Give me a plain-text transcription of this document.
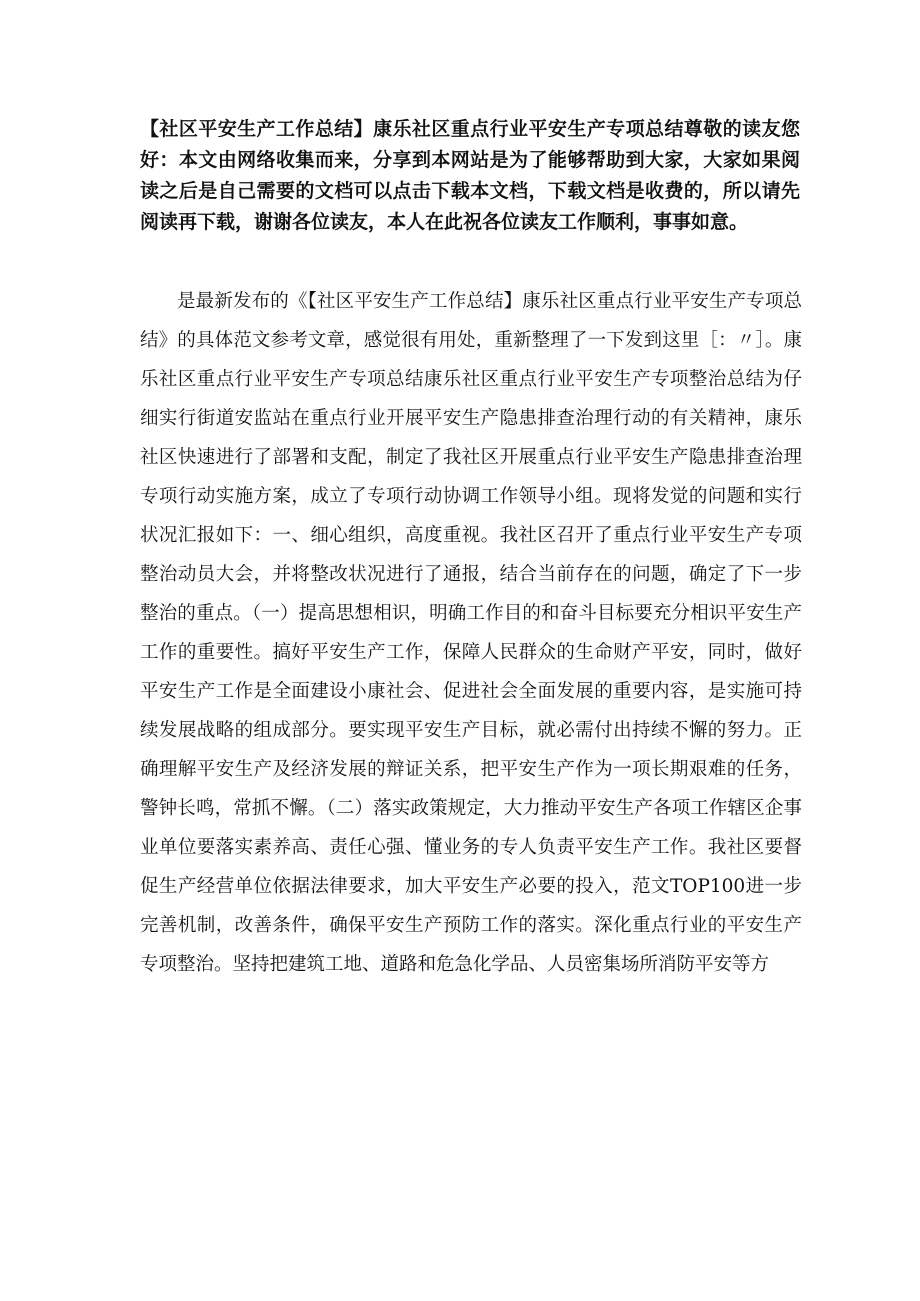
【社区平安生产工作总结】康乐社区重点行业平安生产专项总结尊敬的读友您好：本文由网络收集而来，分享到本网站是为了能够帮助到大家，大家如果阅读之后是自己需要的文档可以点击下载本文档，下载文档是收费的，所以请先阅读再下载，谢谢各位读友，本人在此祝各位读友工作顺利，事事如意。

是最新发布的《【社区平安生产工作总结】康乐社区重点行业平安生产专项总结》的具体范文参考文章，感觉很有用处，重新整理了一下发到这里［：〃］。康乐社区重点行业平安生产专项总结康乐社区重点行业平安生产专项整治总结为仔细实行街道安监站在重点行业开展平安生产隐患排查治理行动的有关精神，康乐社区快速进行了部署和支配，制定了我社区开展重点行业平安生产隐患排查治理专项行动实施方案，成立了专项行动协调工作领导小组。现将发觉的问题和实行状况汇报如下：一、细心组织，高度重视。我社区召开了重点行业平安生产专项整治动员大会，并将整改状况进行了通报，结合当前存在的问题，确定了下一步整治的重点。（一）提高思想相识，明确工作目的和奋斗目标要充分相识平安生产工作的重要性。搞好平安生产工作，保障人民群众的生命财产平安，同时，做好平安生产工作是全面建设小康社会、促进社会全面发展的重要内容，是实施可持续发展战略的组成部分。要实现平安生产目标，就必需付出持续不懈的努力。正确理解平安生产及经济发展的辩证关系，把平安生产作为一项长期艰难的任务，警钟长鸣，常抓不懈。（二）落实政策规定，大力推动平安生产各项工作辖区企事业单位要落实素养高、责任心强、懂业务的专人负责平安生产工作。我社区要督促生产经营单位依据法律要求，加大平安生产必要的投入，范文TOP100进一步完善机制，改善条件，确保平安生产预防工作的落实。深化重点行业的平安生产专项整治。坚持把建筑工地、道路和危急化学品、人员密集场所消防平安等方
